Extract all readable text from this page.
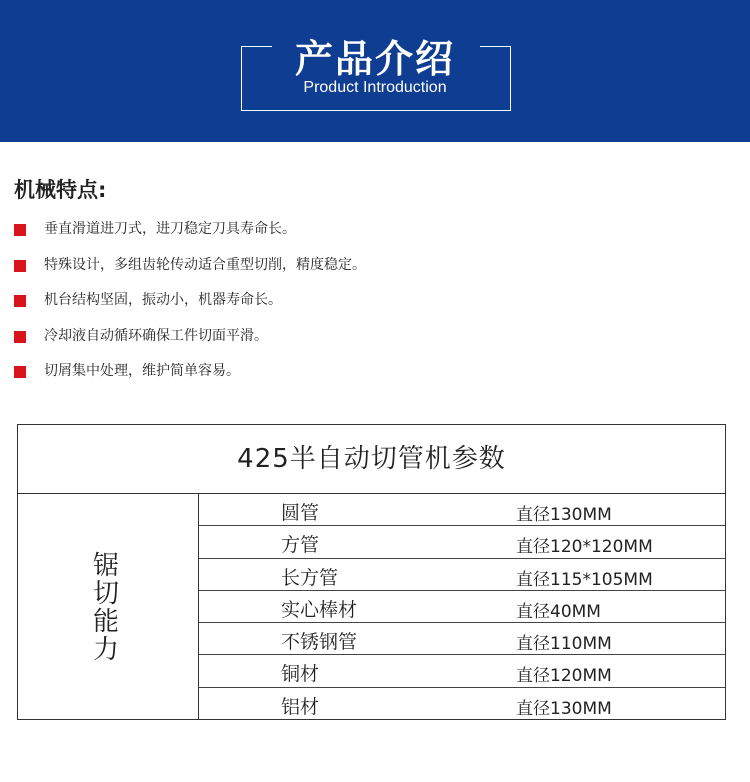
产品介绍
Product Introduction
机械特点:
垂直滑道进刀式，进刀稳定刀具寿命长。
特殊设计，多组齿轮传动适合重型切削，精度稳定。
机台结构坚固，振动小，机器寿命长。
冷却液自动循环确保工件切面平滑。
切屑集中处理，维护简单容易。
425半自动切管机参数
锯切能力
圆管	直径130MM
方管	直径120*120MM
长方管	直径115*105MM
实心棒材	直径40MM
不锈钢管	直径110MM
铜材	直径120MM
铝材	直径130MM
